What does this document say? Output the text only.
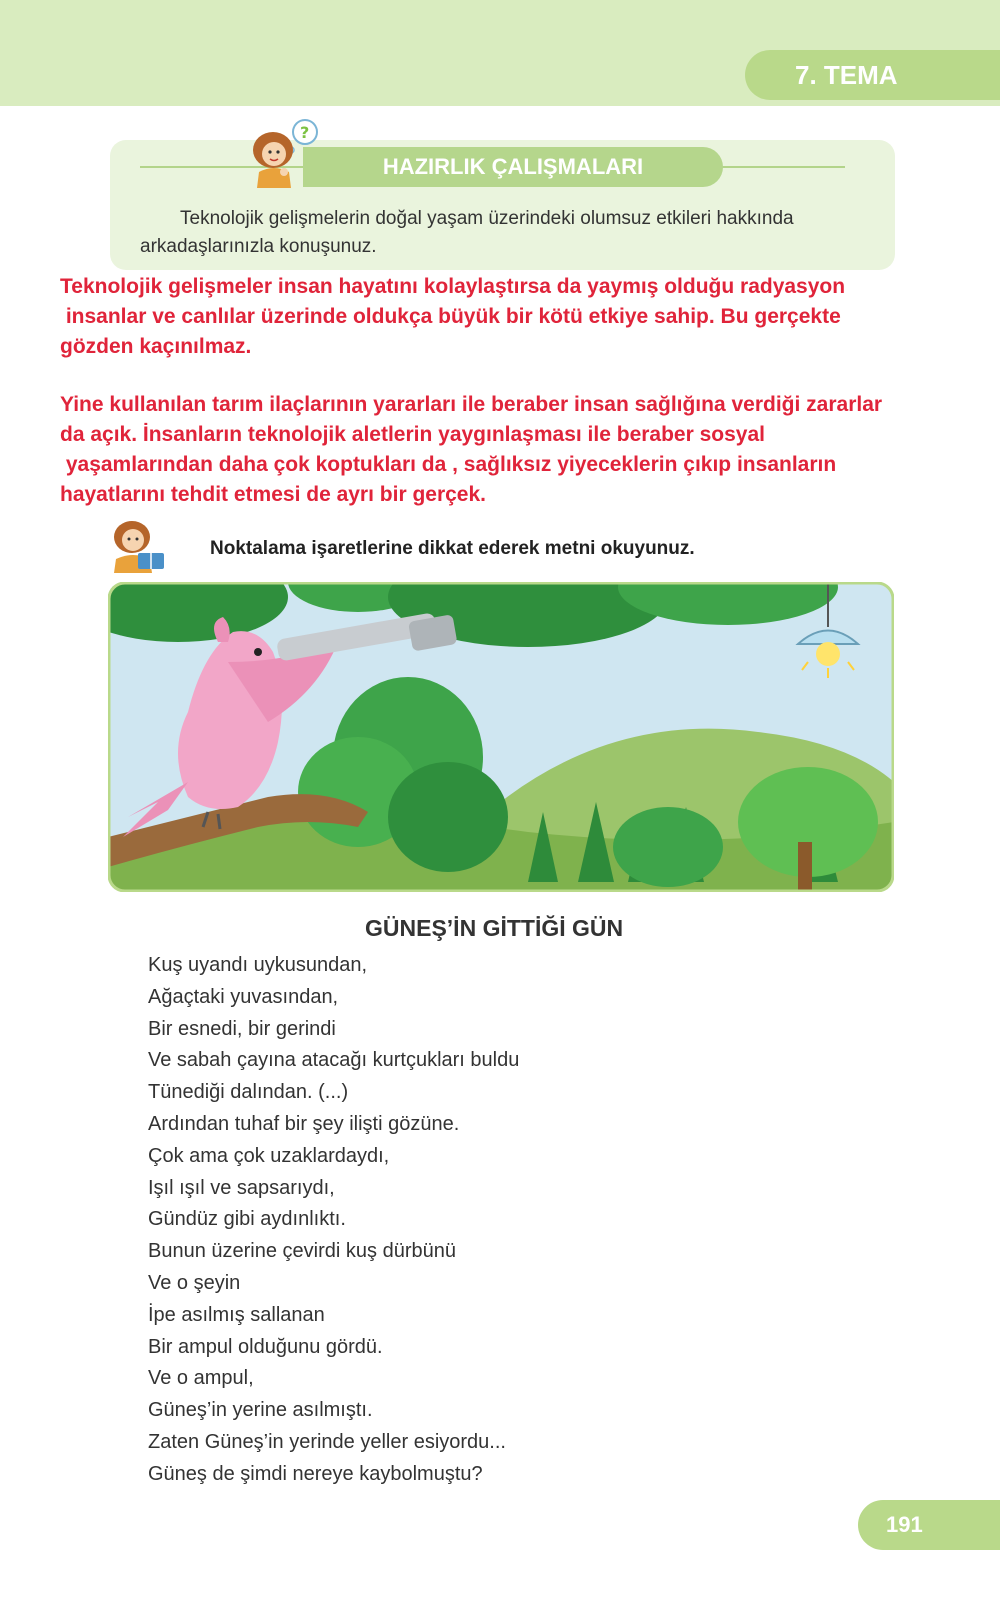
7. TEMA
?
HAZIRLIK ÇALIŞMALARI
Teknolojik gelişmelerin doğal yaşam üzerindeki olumsuz etkileri hakkında arkadaşlarınızla konuşunuz.
Teknolojik gelişmeler insan hayatını kolaylaştırsa da yaymış olduğu radyasyon
insanlar ve canlılar üzerinde oldukça büyük bir kötü etkiye sahip. Bu gerçekte
gözden kaçınılmaz.
Yine kullanılan tarım ilaçlarının yararları ile beraber insan sağlığına verdiği zararlar
da açık. İnsanların teknolojik aletlerin yaygınlaşması ile beraber sosyal
yaşamlarından daha çok koptukları da , sağlıksız yiyeceklerin çıkıp insanların
hayatlarını tehdit etmesi de ayrı bir gerçek.
Noktalama işaretlerine dikkat ederek metni okuyunuz.
GÜNEŞ’İN GİTTİĞİ GÜN
Kuş uyandı uykusundan,
Ağaçtaki yuvasından,
Bir esnedi, bir gerindi
Ve sabah çayına atacağı kurtçukları buldu
Tünediği dalından. (...)
Ardından tuhaf bir şey ilişti gözüne.
Çok ama çok uzaklardaydı,
Işıl ışıl ve sapsarıydı,
Gündüz gibi aydınlıktı.
Bunun üzerine çevirdi kuş dürbünü
Ve o şeyin
İpe asılmış sallanan
Bir ampul olduğunu gördü.
Ve o ampul,
Güneş’in yerine asılmıştı.
Zaten Güneş’in yerinde yeller esiyordu...
Güneş de şimdi nereye kaybolmuştu?
191
